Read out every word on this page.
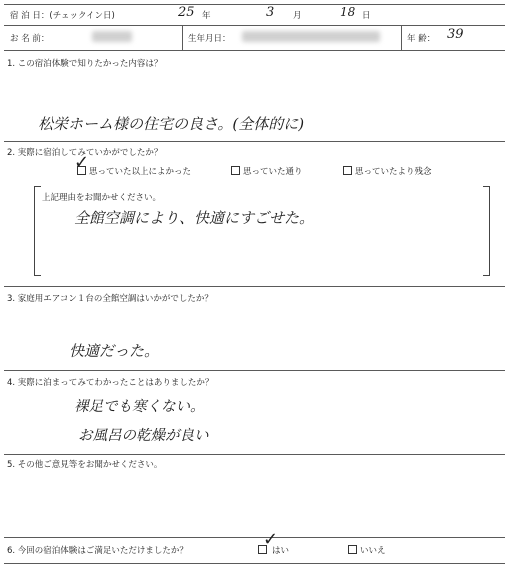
宿 泊 日：(チェックイン日)	25 年	3 月	18 日
お 名 前：	生年月日：	年 齢： 39
1. この宿泊体験で知りたかった内容は？
松栄ホーム様の住宅の良さ。(全体的に)
2. 実際に宿泊してみていかがでしたか？
✓ 思っていた以上によかった	思っていた通り	思っていたより残念
上記理由をお聞かせください。
全館空調により、快適にすごせた。
3. 家庭用エアコン１台の全館空調はいかがでしたか？
快適だった。
4. 実際に泊まってみてわかったことはありましたか？
裸足でも寒くない。
お風呂の乾燥が良い
5. その他ご意見等をお聞かせください。
6. 今回の宿泊体験はご満足いただけましたか？
✓
はい	いいえ
